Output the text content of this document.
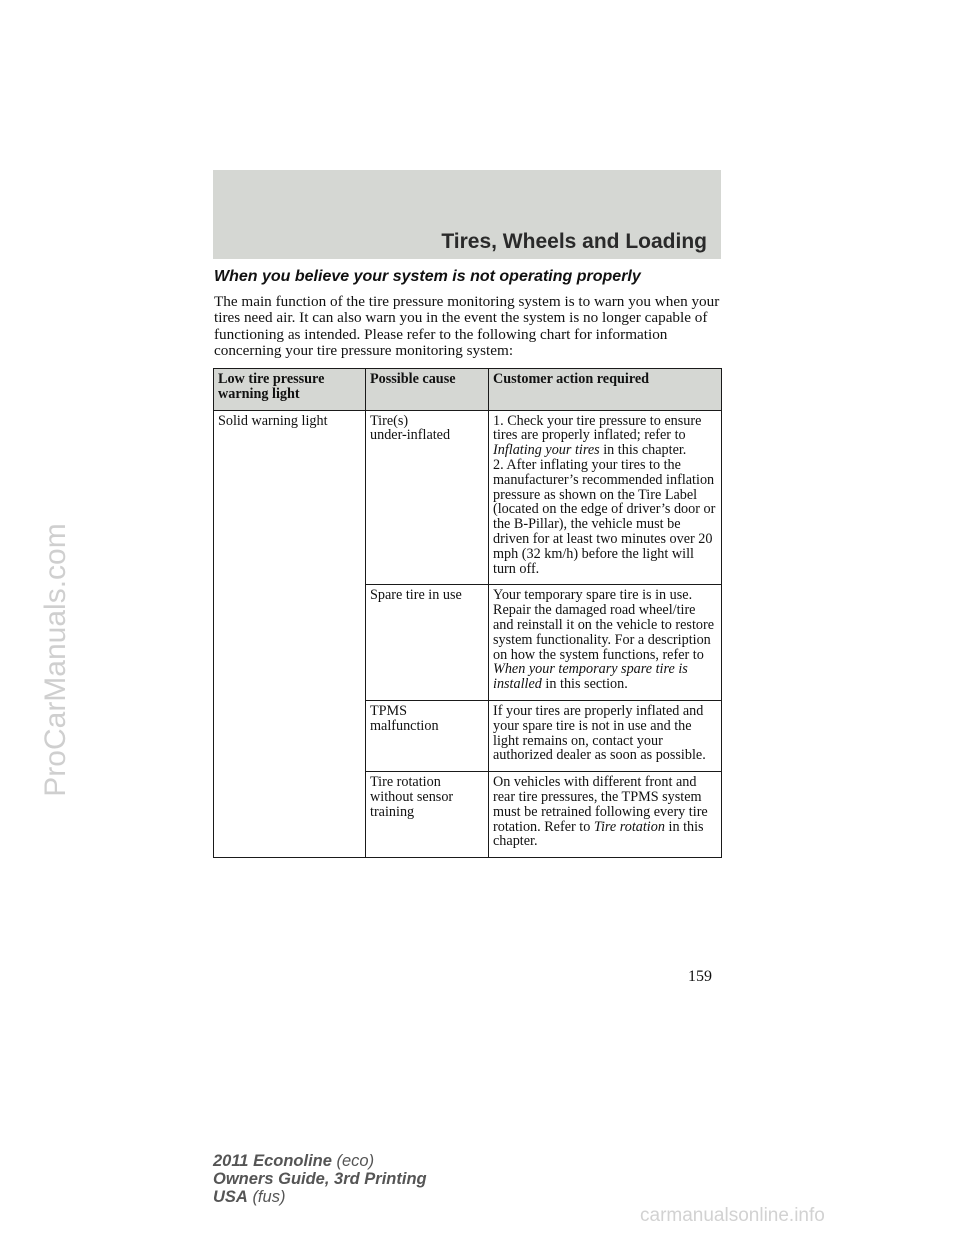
Tires, Wheels and Loading
When you believe your system is not operating properly

The main function of the tire pressure monitoring system is to warn you when your tires need air. It can also warn you in the event the system is no longer capable of functioning as intended. Please refer to the following chart for information concerning your tire pressure monitoring system:

Low tire pressure
warning light	Possible cause	Customer action required
Solid warning light	Tire(s)
under-inflated	1. Check your tire pressure to ensure tires are properly inflated; refer to Inflating your tires in this chapter.
2. After inflating your tires to the manufacturer’s recommended inflation pressure as shown on the Tire Label (located on the edge of driver’s door or the B-Pillar), the vehicle must be driven for at least two minutes over 20 mph (32 km/h) before the light will turn off.

	Spare tire in use	Your temporary spare tire is in use. Repair the damaged road wheel/tire and reinstall it on the vehicle to restore system functionality. For a description on how the system functions, refer to When your temporary spare tire is installed in this section.

	TPMS
malfunction	If your tires are properly inflated and your spare tire is not in use and the light remains on, contact your authorized dealer as soon as possible.

	Tire rotation
without sensor
training	On vehicles with different front and rear tire pressures, the TPMS system must be retrained following every tire rotation. Refer to Tire rotation in this chapter.
159
2011 Econoline (eco)
Owners Guide, 3rd Printing
USA (fus)
ProCarManuals.com
carmanualsonline.info
